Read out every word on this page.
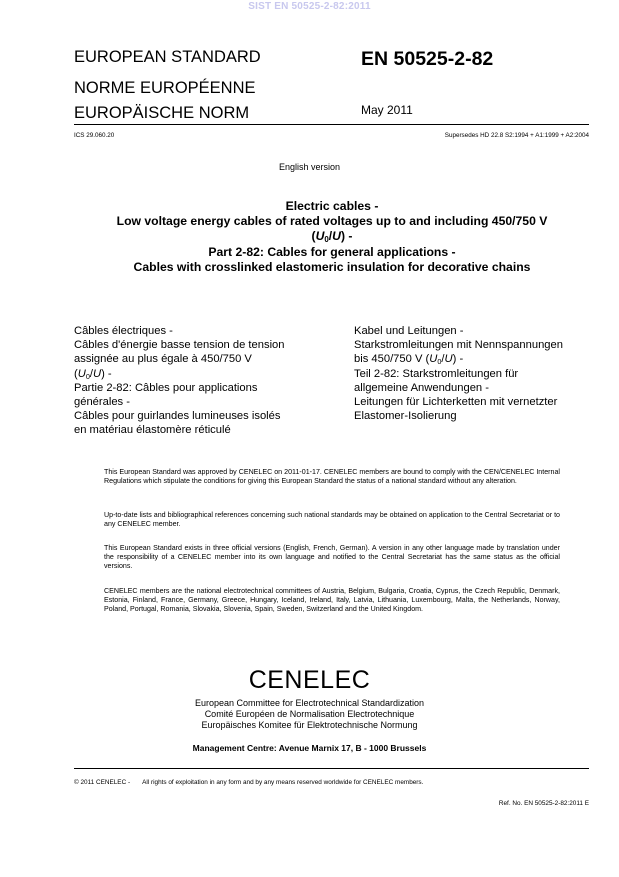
SIST EN 50525-2-82:2011
EUROPEAN STANDARD
NORME EUROPÉENNE
EUROPÄISCHE NORM
EN 50525-2-82
May 2011
ICS 29.060.20	Supersedes HD 22.8 S2:1994 + A1:1999 + A2:2004
English version
Electric cables -
Low voltage energy cables of rated voltages up to and including 450/750 V
$(U_0/U)$ -
Part 2-82: Cables for general applications -
Cables with crosslinked elastomeric insulation for decorative chains
Câbles électriques -
Câbles d'énergie basse tension de tension
assignée au plus égale à 450/750 V
$(U_0/U)$ -
Partie 2-82: Câbles pour applications
générales -
Câbles pour guirlandes lumineuses isolés
en matériau élastomère réticulé
Kabel und Leitungen -
Starkstromleitungen mit Nennspannungen
bis 450/750 V $(U_0/U)$ -
Teil 2-82: Starkstromleitungen für
allgemeine Anwendungen -
Leitungen für Lichterketten mit vernetzter
Elastomer-Isolierung

This European Standard was approved by CENELEC on 2011-01-17. CENELEC members are bound to comply with the CEN/CENELEC Internal Regulations which stipulate the conditions for giving this European Standard the status of a national standard without any alteration.

Up-to-date lists and bibliographical references concerning such national standards may be obtained on application to the Central Secretariat or to any CENELEC member.

This European Standard exists in three official versions (English, French, German). A version in any other language made by translation under the responsibility of a CENELEC member into its own language and notified to the Central Secretariat has the same status as the official versions.

CENELEC members are the national electrotechnical committees of Austria, Belgium, Bulgaria, Croatia, Cyprus, the Czech Republic, Denmark, Estonia, Finland, France, Germany, Greece, Hungary, Iceland, Ireland, Italy, Latvia, Lithuania, Luxembourg, Malta, the Netherlands, Norway, Poland, Portugal, Romania, Slovakia, Slovenia, Spain, Sweden, Switzerland and the United Kingdom.

CENELEC
European Committee for Electrotechnical Standardization
Comité Européen de Normalisation Electrotechnique
Europäisches Komitee für Elektrotechnische Normung
Management Centre: Avenue Marnix 17, B - 1000 Brussels
© 2011 CENELEC - All rights of exploitation in any form and by any means reserved worldwide for CENELEC members.
Ref. No. EN 50525-2-82:2011 E
